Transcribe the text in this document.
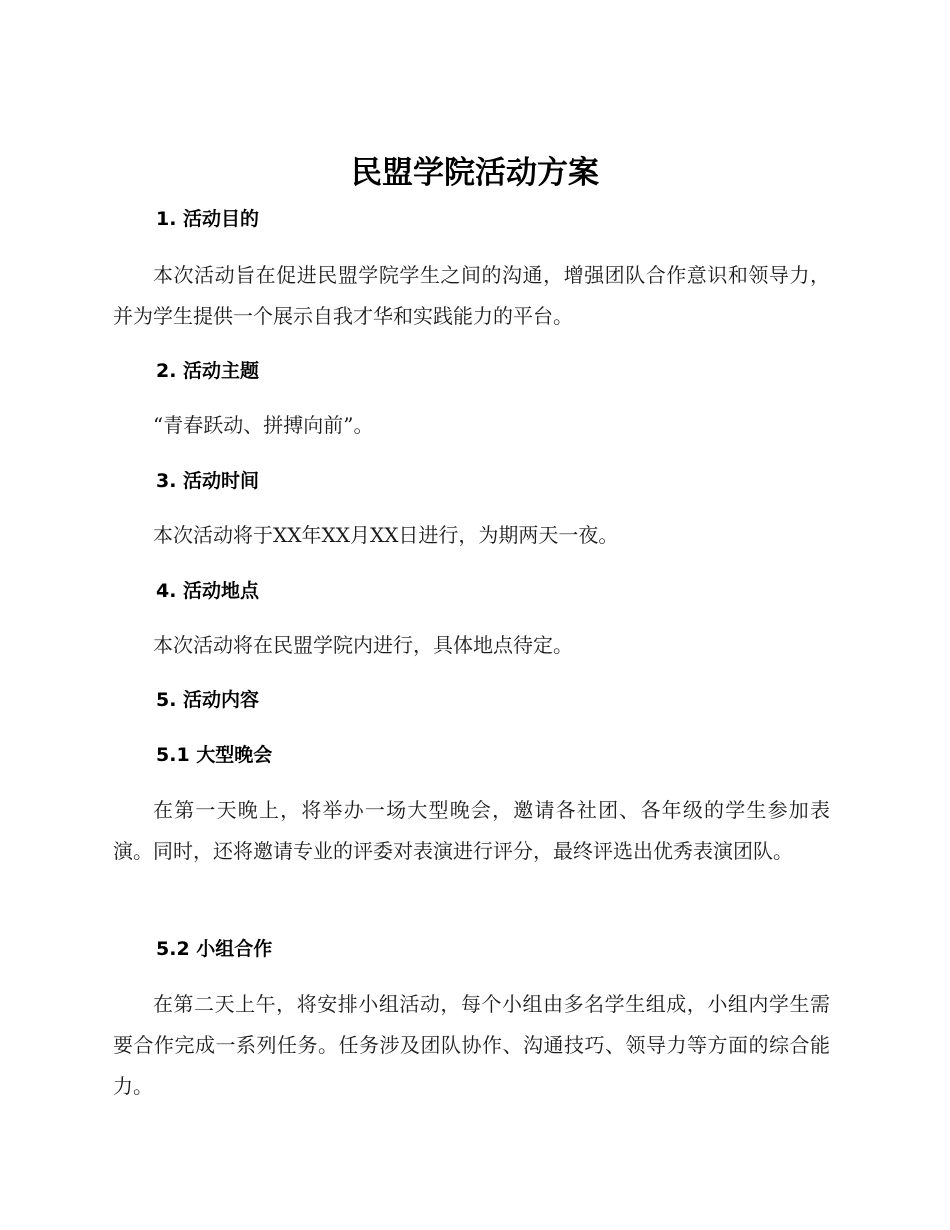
民盟学院活动方案
1. 活动目的
本次活动旨在促进民盟学院学生之间的沟通，增强团队合作意识和领导力，并为学生提供一个展示自我才华和实践能力的平台。
2. 活动主题
“青春跃动、拼搏向前”。
3. 活动时间
本次活动将于XX年XX月XX日进行，为期两天一夜。
4. 活动地点
本次活动将在民盟学院内进行，具体地点待定。
5. 活动内容
5.1 大型晚会
在第一天晚上，将举办一场大型晚会，邀请各社团、各年级的学生参加表演。同时，还将邀请专业的评委对表演进行评分，最终评选出优秀表演团队。
5.2 小组合作
在第二天上午，将安排小组活动，每个小组由多名学生组成，小组内学生需要合作完成一系列任务。任务涉及团队协作、沟通技巧、领导力等方面的综合能力。
